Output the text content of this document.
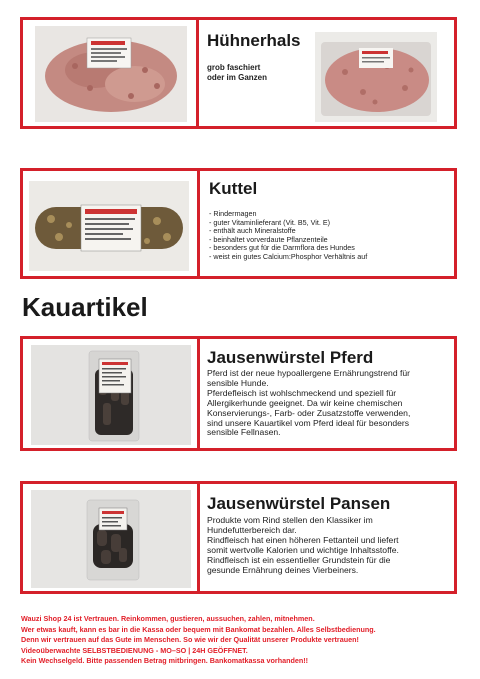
Hühnerhals
grob faschiert
oder im Ganzen
Kuttel
- Rindermagen
- guter Vitaminlieferant (Vit. B5, Vit. E)
- enthält auch Mineralstoffe
- beinhaltet vorverdaute Pflanzenteile
- besonders gut für die Darmflora des Hundes
- weist ein gutes Calcium:Phosphor Verhältnis auf
Kauartikel
Jausenwürstel Pferd
Pferd ist der neue hypoallergene Ernährungstrend für
sensible Hunde.
Pferdefleisch ist wohlschmeckend und speziell für
Allergikerhunde geeignet. Da wir keine chemischen
Konservierungs-, Farb- oder Zusatzstoffe verwenden,
sind unsere Kauartikel vom Pferd ideal für besonders
sensible Fellnasen.
Jausenwürstel Pansen
Produkte vom Rind stellen den Klassiker im
Hundefutterbereich dar.
Rindfleisch hat einen höheren Fettanteil und liefert
somit wertvolle Kalorien und wichtige Inhaltsstoffe.
Rindfleisch ist ein essentieller Grundstein für die
gesunde Ernährung deines Vierbeiners.
Wauzi Shop 24 ist Vertrauen. Reinkommen, gustieren, aussuchen, zahlen, mitnehmen.
Wer etwas kauft, kann es bar in die Kassa oder bequem mit Bankomat bezahlen. Alles Selbstbedienung.
Denn wir vertrauen auf das Gute im Menschen. So wie wir der Qualität unserer Produkte vertrauen!
Videoüberwachte SELBSTBEDIENUNG - MO–SO | 24H GEÖFFNET.
Kein Wechselgeld. Bitte passenden Betrag mitbringen. Bankomatkassa vorhanden!!
